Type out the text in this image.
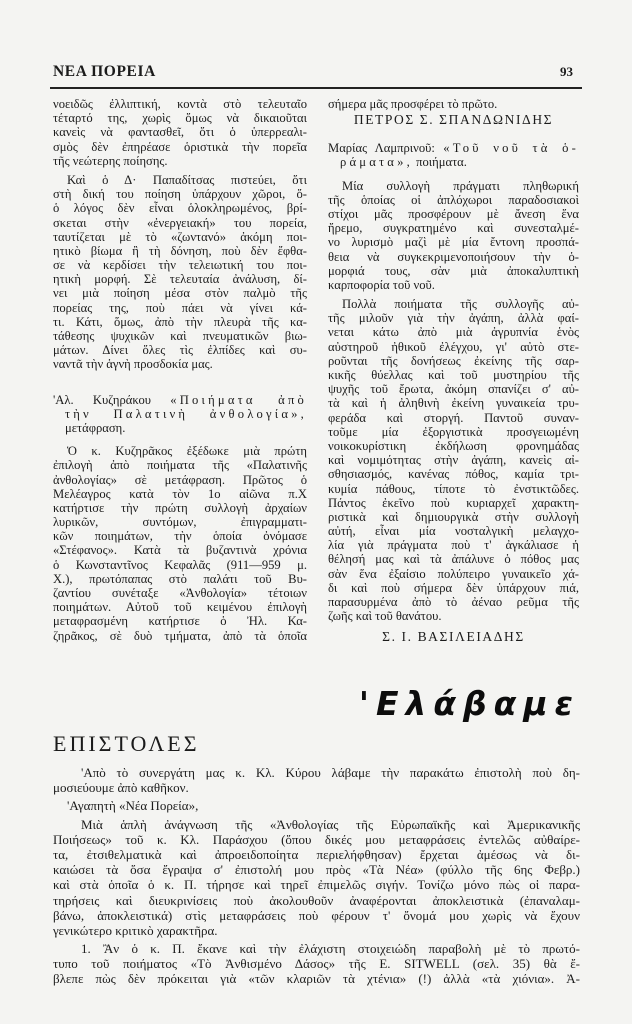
ΝΕΑ ΠΟΡΕΙΑ	93
νοειδῶς ἐλλιπτική, κοντὰ στὸ τελευταῖο
τέταρτό της, χωρὶς ὅμως νὰ δικαιοῦται
κανεὶς νὰ φαντασθεῖ, ὅτι ὁ ὑπερρεαλι-
σμὸς δὲν ἐπηρέασε ὁριστικὰ τὴν πορεῖα
τῆς νεώτερης ποίησης.
Καὶ ὁ Δ· Παπαδίτσας πιστεύει, ὅτι
στὴ δική του ποίηση ὑπάρχουν χῶροι, ὅ-
ὁ λόγος δὲν εἶναι ὁλοκληρωμένος, βρί-
σκεται στὴν «ἐνεργειακή» του πορεία,
ταυτίζεται μὲ τὸ «ζωντανό» ἀκόμη ποι-
ητικὸ βίωμα ἢ τὴ δόνηση, ποὺ δὲν ἔφθα-
σε νὰ κερδίσει τὴν τελειωτική του ποι-
ητικὴ μορφή. Σὲ τελευταία ἀνάλυση, δί-
νει μιὰ ποίηση μέσα στὸν παλμὸ τῆς
πορείας της, ποὺ πάει νὰ γίνει κά-
τι. Κάτι, ὅμως, ἀπὸ τὴν πλευρὰ τῆς κα-
τάθεσης ψυχικῶν καὶ πνευματικῶν βιω-
μάτων. Δίνει ὅλες τὶς ἐλπίδες καὶ συ-
ναντᾶ τὴν ἁγνὴ προσδοκία μας.
'Αλ. Κυζηράκου «Ποιήματα ἀπὸ
τὴν Παλατινὴ ἀνθολογία»,
μετάφραση.
Ὁ κ. Κυζηρᾶκος ἐξέδωκε μιὰ πρώτη
ἐπιλογὴ ἀπὸ ποιήματα τῆς «Παλατινῆς
ἀνθολογίας» σὲ μετάφραση. Πρῶτος ὁ
Μελέαγρος κατὰ τὸν 1ο αἰῶνα π.Χ
κατήρτισε τὴν πρώτη συλλογὴ ἀρχαίων
λυρικῶν, συντόμων, ἐπιγραμματι-
κῶν ποιημάτων, τὴν ὁποία ὀνόμασε
«Στέφανος». Κατὰ τὰ βυζαντινὰ χρόνια
ὁ Κωνσταντῖνος Κεφαλᾶς (911—959 μ.
Χ.), πρωτόπαπας στὸ παλάτι τοῦ Βυ-
ζαντίου συνέταξε «Ἀνθολογία» τέτοιων
ποιημάτων. Αὐτοῦ τοῦ κειμένου ἐπιλογὴ
μεταφρασμένη κατήρτισε ὁ Ἠλ. Κα-
ζηρᾶκος, σὲ δυὸ τμήματα, ἀπὸ τὰ ὁποῖα
σήμερα μᾶς προσφέρει τὸ πρῶτο.
ΠΕΤΡΟΣ Σ. ΣΠΑΝΔΩΝΙΔΗΣ
Μαρίας Λαμπρινοῦ: «Τοῦ νοῦ τὰ ὁ-
ράματα», ποιήματα.
Μία συλλογὴ πράγματι πληθωρική
τῆς ὁποίας οἱ ἀπλόχωροι παραδοσιακοὶ
στίχοι μᾶς προσφέρουν μὲ ἄνεση ἕνα
ἤρεμο, συγκρατημένο καὶ συνεσταλμέ-
νο λυρισμὸ μαζὶ μὲ μία ἔντονη προσπά-
θεια νὰ συγκεκριμενοποιήσουν τὴν ὁ-
μορφιά τους, σὰν μιὰ ἀποκαλυπτικὴ
καρποφορία τοῦ νοῦ.
Πολλὰ ποιήματα τῆς συλλογῆς αὐ-
τῆς μιλοῦν γιὰ τὴν ἀγάπη, ἀλλὰ φαί-
νεται κάτω ἀπὸ μιὰ ἀγρυπνία ἑνὸς
αὐστηροῦ ἠθικοῦ ἐλέγχου, γι' αὐτὸ στε-
ροῦνται τῆς δονήσεως ἐκείνης τῆς σαρ-
κικῆς θύελλας καὶ τοῦ μυστηρίου τῆς
ψυχῆς τοῦ ἔρωτα, ἀκόμη σπανίζει σ' αὐ-
τὰ καὶ ἡ ἀληθινὴ ἐκείνη γυναικεία τρυ-
φεράδα καὶ στοργή. Παντοῦ συναν-
τοῦμε μία ἐξοργιστικὰ προσγειωμένη
νοικοκυρίστικη ἐκδήλωση φρονημάδας
καὶ νομιμότητας στὴν ἀγάπη, κανεὶς αἰ-
σθησιασμός, κανένας πόθος, καμία τρι-
κυμία πάθους, τίποτε τὸ ἐνστικτῶδες.
Πάντος ἐκεῖνο ποὺ κυριαρχεῖ χαρακτη-
ριστικὰ καὶ δημιουργικὰ στὴν συλλογὴ
αὐτή, εἶναι μία νοσταλγικὴ μελαγχο-
λία γιὰ πράγματα ποὺ τ' ἀγκάλιασε ἡ
θέλησή μας καὶ τὰ ἀπάλυνε ὁ πόθος μας
σὰν ἕνα ἐξαίσιο πολύπειρο γυναικεῖο χά-
δι καὶ ποὺ σήμερα δὲν ὑπάρχουν πιά,
παρασυρμένα ἀπὸ τὸ ἀέναο ρεῦμα τῆς
ζωῆς καὶ τοῦ θανάτου.
Σ. Ι. ΒΑΣΙΛΕΙΑΔΗΣ
'Ελάβαμε
ΕΠΙΣΤΟΛΕΣ
'Απὸ τὸ συνεργάτη μας κ. Κλ. Κύρου λάβαμε τὴν παρακάτω ἐπιστολὴ ποὺ δη-
μοσιεύουμε ἀπὸ καθῆκον.
'Αγαπητὴ «Νέα Πορεία»,
Μιὰ ἁπλὴ ἀνάγνωση τῆς «Ἀνθολογίας τῆς Εὐρωπαϊκῆς καὶ Ἀμερικανικῆς
Ποιήσεως» τοῦ κ. Κλ. Παράσχου (ὅπου δικές μου μεταφράσεις ἐντελῶς αὐθαίρε-
τα, ἐτσιθελματικὰ καὶ ἀπροειδοποίητα περιελήφθησαν) ἔρχεται ἀμέσως νὰ δι-
καιώσει τὰ ὅσα ἔγραψα σ' ἐπιστολή μου πρὸς «Τὰ Νέα» (φύλλο τῆς 6ης Φεβρ.)
καὶ στὰ ὁποῖα ὁ κ. Π. τήρησε καὶ τηρεῖ ἐπιμελῶς σιγήν. Τονίζω μόνο πὼς οἱ παρα-
τηρήσεις καὶ διευκρινίσεις ποὺ ἀκολουθοῦν ἀναφέρονται ἀποκλειστικὰ (ἐπαναλαμ-
βάνω, ἀποκλειστικά) στὶς μεταφράσεις ποὺ φέρουν τ' ὄνομά μου χωρὶς νὰ ἔχουν
γενικώτερο κριτικὸ χαρακτῆρα.
1. Ἂν ὁ κ. Π. ἔκανε καὶ τὴν ἐλάχιστη στοιχειώδη παραβολὴ μὲ τὸ πρωτό-
τυπο τοῦ ποιήματος «Τὸ Ἀνθισμένο Δάσος» τῆς E. SITWELL (σελ. 35) θὰ ἔ-
βλεπε πὼς δὲν πρόκειται γιὰ «τῶν κλαριῶν τὰ χτένια» (!) ἀλλὰ «τὰ χιόνια». Ἀ-
